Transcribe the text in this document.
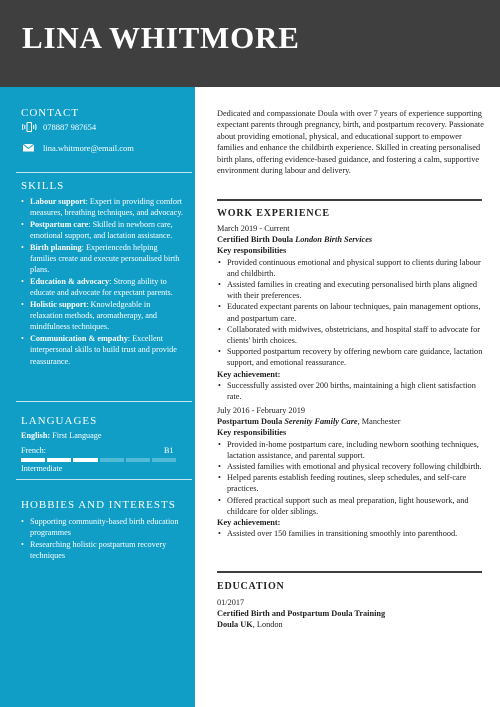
LINA WHITMORE
CONTACT
078887 987654
lina.whitmore@email.com
SKILLS
• Labour support: Expert in providing comfort measures, breathing techniques, and advocacy.
• Postpartum care: Skilled in newborn care, emotional support, and lactation assistance.
• Birth planning: Experiencedn helping families create and execute personalised birth plans.
• Education & advocacy: Strong ability to educate and advocate for expectant parents.
• Holistic support: Knowledgeable in relaxation methods, aromatherapy, and mindfulness techniques.
• Communication & empathy: Excellent interpersonal skills to build trust and provide reassurance.
LANGUAGES
English: First Language
French:	B1
Intermediate
HOBBIES AND INTERESTS
• Supporting community-based birth education programmes
• Researching holistic postpartum recovery techniques
Dedicated and compassionate Doula with over 7 years of experience supporting expectant parents through pregnancy, birth, and postpartum recovery. Passionate about providing emotional, physical, and educational support to empower families and enhance the childbirth experience. Skilled in creating personalised birth plans, offering evidence-based guidance, and fostering a calm, supportive environment during labour and delivery.
WORK EXPERIENCE
March 2019 - Current
Certified Birth Doula London Birth Services
Key responsibilities
• Provided continuous emotional and physical support to clients during labour and childbirth.
• Assisted families in creating and executing personalised birth plans aligned with their preferences.
• Educated expectant parents on labour techniques, pain management options, and postpartum care.
• Collaborated with midwives, obstetricians, and hospital staff to advocate for clients' birth choices.
• Supported postpartum recovery by offering newborn care guidance, lactation support, and emotional reassurance.
Key achievement:
• Successfully assisted over 200 births, maintaining a high client satisfaction rate.
July 2016 - February 2019
Postpartum Doula Serenity Family Care, Manchester
Key responsibilities
• Provided in-home postpartum care, including newborn soothing techniques, lactation assistance, and parental support.
• Assisted families with emotional and physical recovery following childbirth.
• Helped parents establish feeding routines, sleep schedules, and self-care practices.
• Offered practical support such as meal preparation, light housework, and childcare for older siblings.
Key achievement:
• Assisted over 150 families in transitioning smoothly into parenthood.
EDUCATION
01/2017
Certified Birth and Postpartum Doula Training
Doula UK, London
